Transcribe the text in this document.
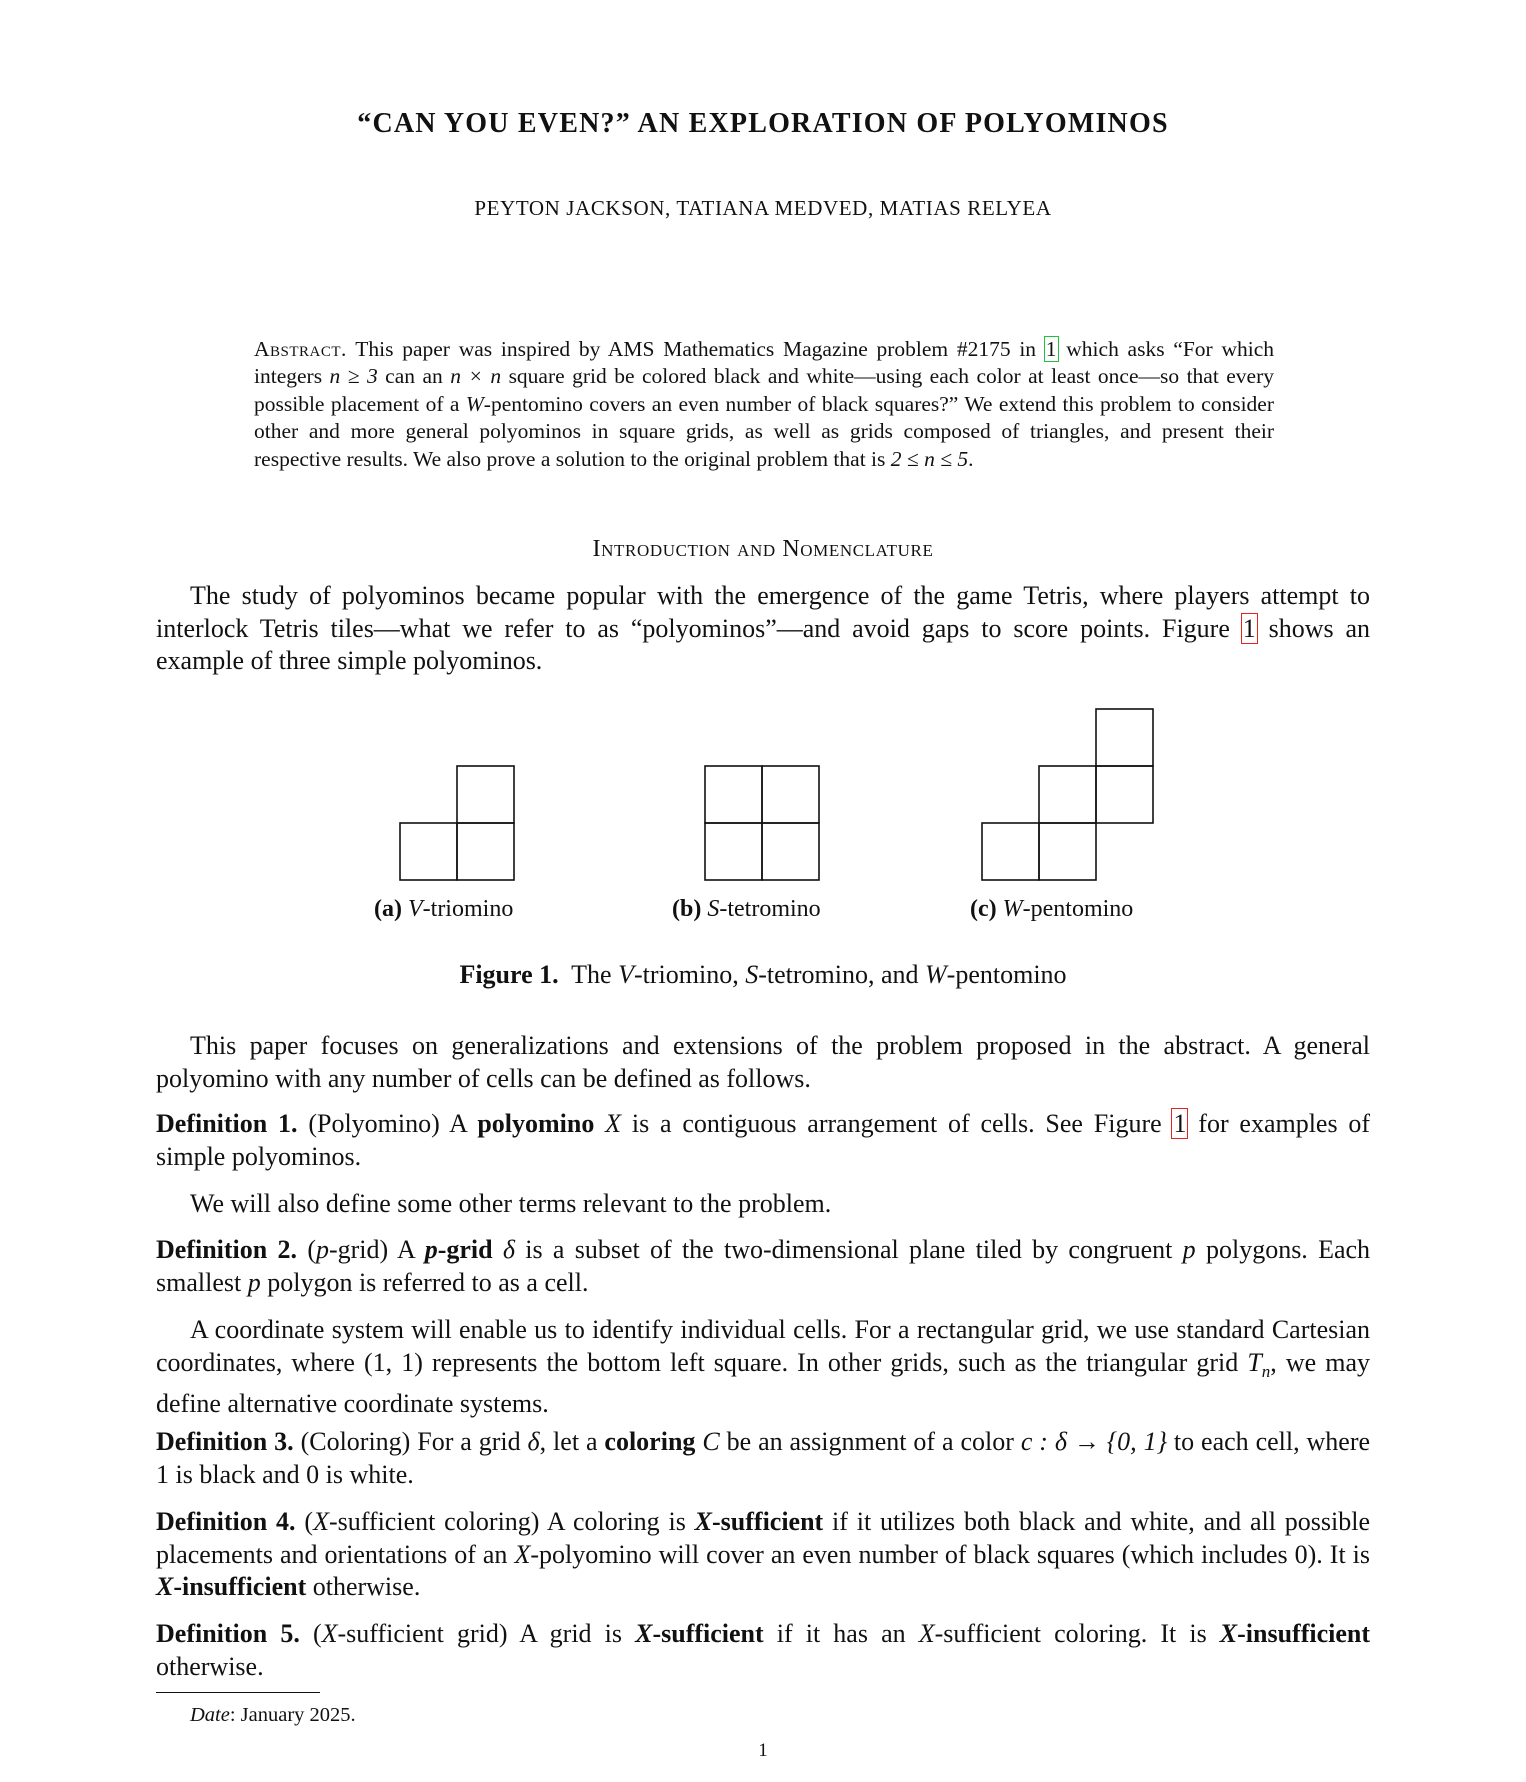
“CAN YOU EVEN?” AN EXPLORATION OF POLYOMINOS
PEYTON JACKSON, TATIANA MEDVED, MATIAS RELYEA
Abstract. This paper was inspired by AMS Mathematics Magazine problem #2175 in 1 which asks “For which integers n ≥ 3 can an n × n square grid be colored black and white—using each color at least once—so that every possible placement of a W-pentomino covers an even number of black squares?” We extend this problem to consider other and more general polyominos in square grids, as well as grids composed of triangles, and present their respective results. We also prove a solution to the original problem that is 2 ≤ n ≤ 5.
Introduction and Nomenclature
The study of polyominos became popular with the emergence of the game Tetris, where players attempt to interlock Tetris tiles—what we refer to as “polyominos”—and avoid gaps to score points. Figure 1 shows an example of three simple polyominos.
(a) V-triomino	(b) S-tetromino	(c) W-pentomino
Figure 1. The V-triomino, S-tetromino, and W-pentomino
This paper focuses on generalizations and extensions of the problem proposed in the abstract. A general polyomino with any number of cells can be defined as follows.
Definition 1. (Polyomino) A polyomino X is a contiguous arrangement of cells. See Figure 1 for examples of simple polyominos.
We will also define some other terms relevant to the problem.
Definition 2. (p-grid) A p-grid δ is a subset of the two-dimensional plane tiled by congruent p polygons. Each smallest p polygon is referred to as a cell.
A coordinate system will enable us to identify individual cells. For a rectangular grid, we use standard Cartesian coordinates, where (1, 1) represents the bottom left square. In other grids, such as the triangular grid $T_n$, we may define alternative coordinate systems.
Definition 3. (Coloring) For a grid δ, let a coloring C be an assignment of a color c : δ → {0, 1} to each cell, where 1 is black and 0 is white.
Definition 4. (X-sufficient coloring) A coloring is X-sufficient if it utilizes both black and white, and all possible placements and orientations of an X-polyomino will cover an even number of black squares (which includes 0). It is X-insufficient otherwise.
Definition 5. (X-sufficient grid) A grid is X-sufficient if it has an X-sufficient coloring. It is X-insufficient otherwise.
Date: January 2025.
1
